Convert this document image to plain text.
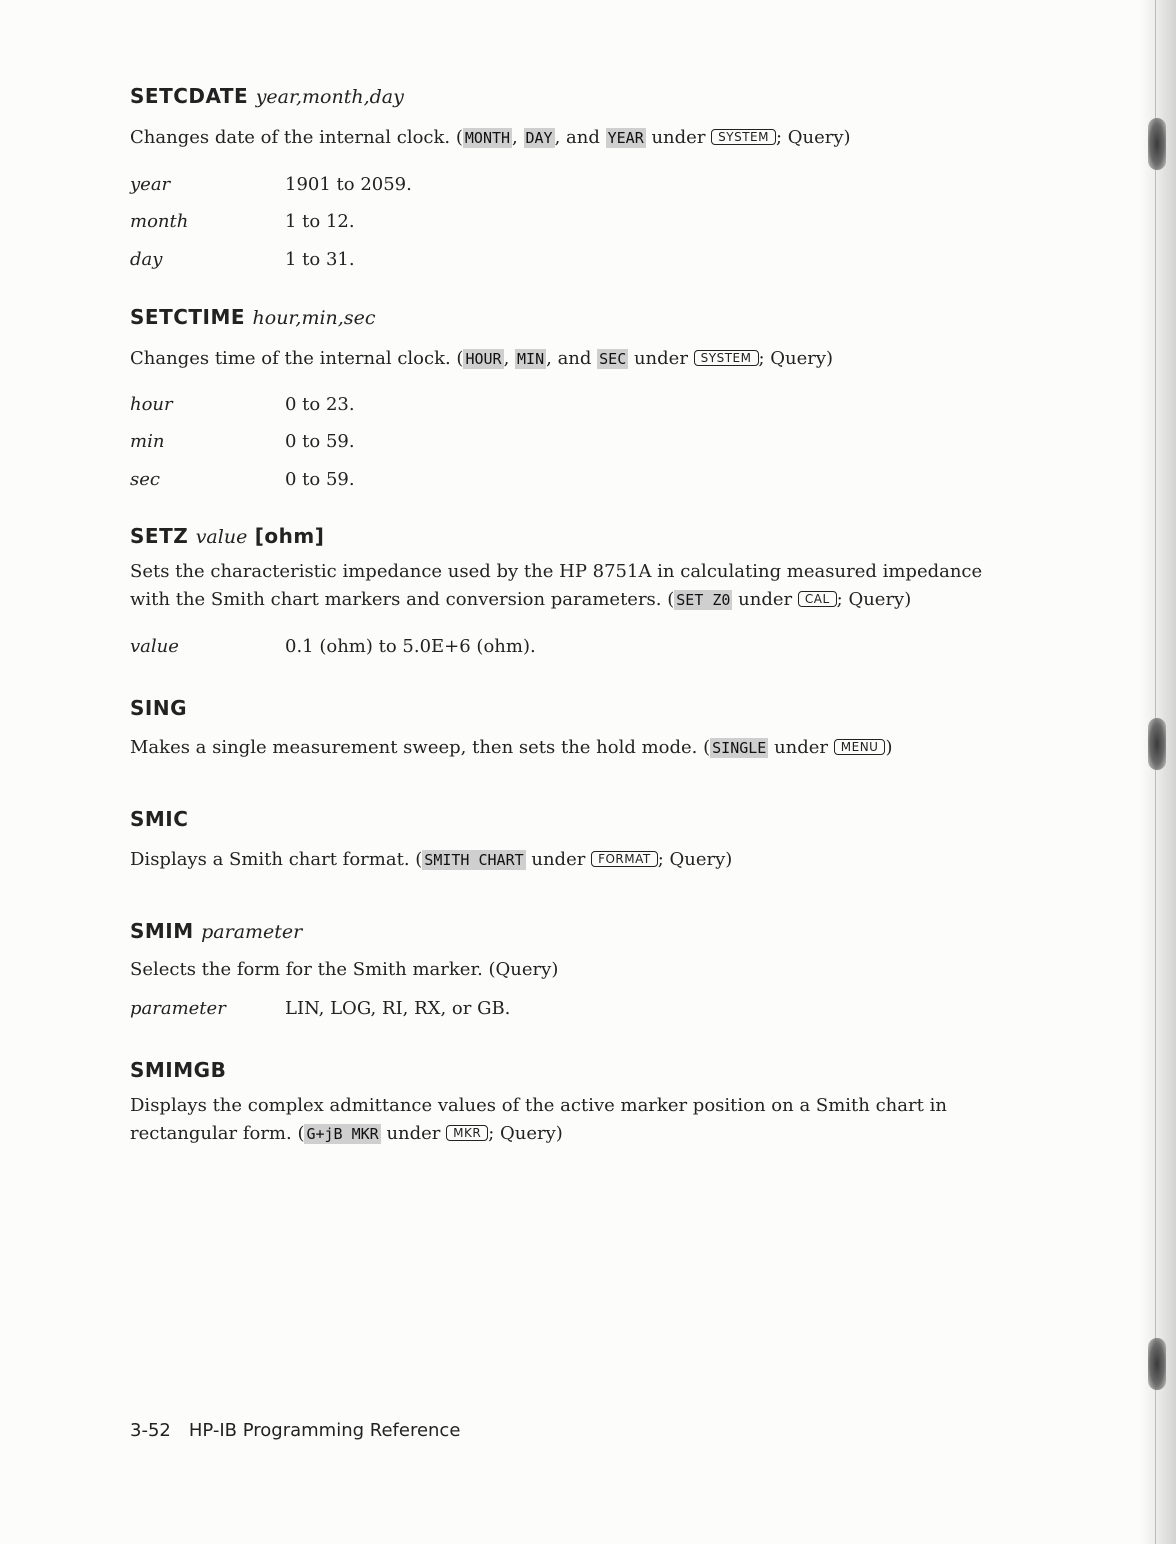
SETCDATE year,month,day

Changes date of the internal clock. ( MONTH , DAY , and YEAR under SYSTEM ; Query)

year	1901 to 2059.

month	1 to 12.

day	1 to 31.

SETCTIME hour,min,sec

Changes time of the internal clock. ( HOUR , MIN , and SEC under SYSTEM ; Query)

hour	0 to 23.

min	0 to 59.

sec	0 to 59.

SETZ value [ohm]

Sets the characteristic impedance used by the HP 8751A in calculating measured impedance
with the Smith chart markers and conversion parameters. ( SET Z0 under CAL ; Query)

value	0.1 (ohm) to 5.0E+6 (ohm).

SING

Makes a single measurement sweep, then sets the hold mode. ( SINGLE under MENU )

SMIC

Displays a Smith chart format. ( SMITH CHART under FORMAT ; Query)

SMIM parameter

Selects the form for the Smith marker. (Query)

parameter	LIN, LOG, RI, RX, or GB.

SMIMGB

Displays the complex admittance values of the active marker position on a Smith chart in
rectangular form. ( G+jB MKR under MKR ; Query)

3-52 HP-IB Programming Reference
